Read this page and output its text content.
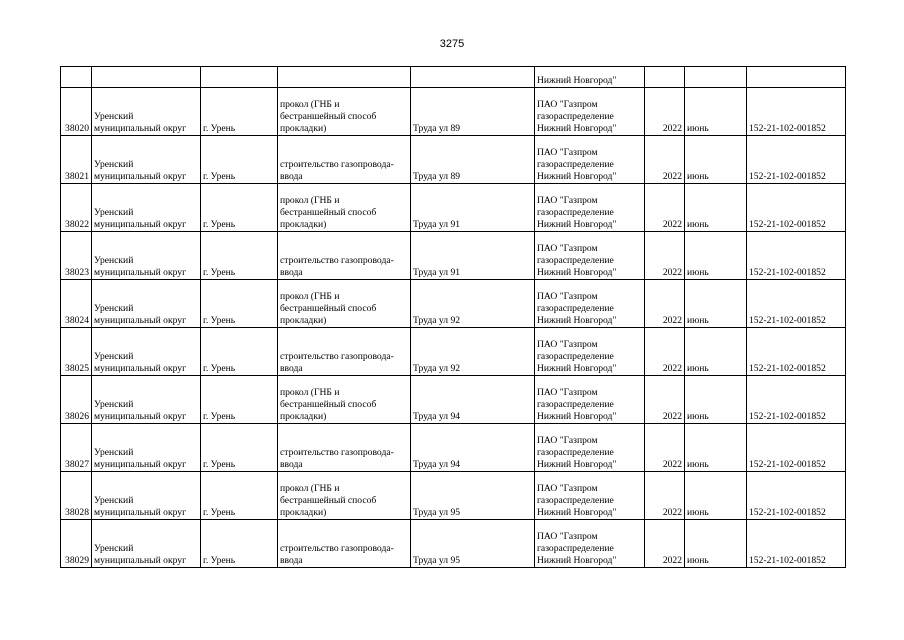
3275
					Нижний Новгород"			
38020	Уренский
муниципальный округ	г. Урень	прокол (ГНБ и
бестраншейный способ
прокладки)	Труда ул 89	ПАО "Газпром
газораспределение
Нижний Новгород"	2022	июнь	152-21-102-001852
38021	Уренский
муниципальный округ	г. Урень	строительство газопровода-
ввода	Труда ул 89	ПАО "Газпром
газораспределение
Нижний Новгород"	2022	июнь	152-21-102-001852
38022	Уренский
муниципальный округ	г. Урень	прокол (ГНБ и
бестраншейный способ
прокладки)	Труда ул 91	ПАО "Газпром
газораспределение
Нижний Новгород"	2022	июнь	152-21-102-001852
38023	Уренский
муниципальный округ	г. Урень	строительство газопровода-
ввода	Труда ул 91	ПАО "Газпром
газораспределение
Нижний Новгород"	2022	июнь	152-21-102-001852
38024	Уренский
муниципальный округ	г. Урень	прокол (ГНБ и
бестраншейный способ
прокладки)	Труда ул 92	ПАО "Газпром
газораспределение
Нижний Новгород"	2022	июнь	152-21-102-001852
38025	Уренский
муниципальный округ	г. Урень	строительство газопровода-
ввода	Труда ул 92	ПАО "Газпром
газораспределение
Нижний Новгород"	2022	июнь	152-21-102-001852
38026	Уренский
муниципальный округ	г. Урень	прокол (ГНБ и
бестраншейный способ
прокладки)	Труда ул 94	ПАО "Газпром
газораспределение
Нижний Новгород"	2022	июнь	152-21-102-001852
38027	Уренский
муниципальный округ	г. Урень	строительство газопровода-
ввода	Труда ул 94	ПАО "Газпром
газораспределение
Нижний Новгород"	2022	июнь	152-21-102-001852
38028	Уренский
муниципальный округ	г. Урень	прокол (ГНБ и
бестраншейный способ
прокладки)	Труда ул 95	ПАО "Газпром
газораспределение
Нижний Новгород"	2022	июнь	152-21-102-001852
38029	Уренский
муниципальный округ	г. Урень	строительство газопровода-
ввода	Труда ул 95	ПАО "Газпром
газораспределение
Нижний Новгород"	2022	июнь	152-21-102-001852
